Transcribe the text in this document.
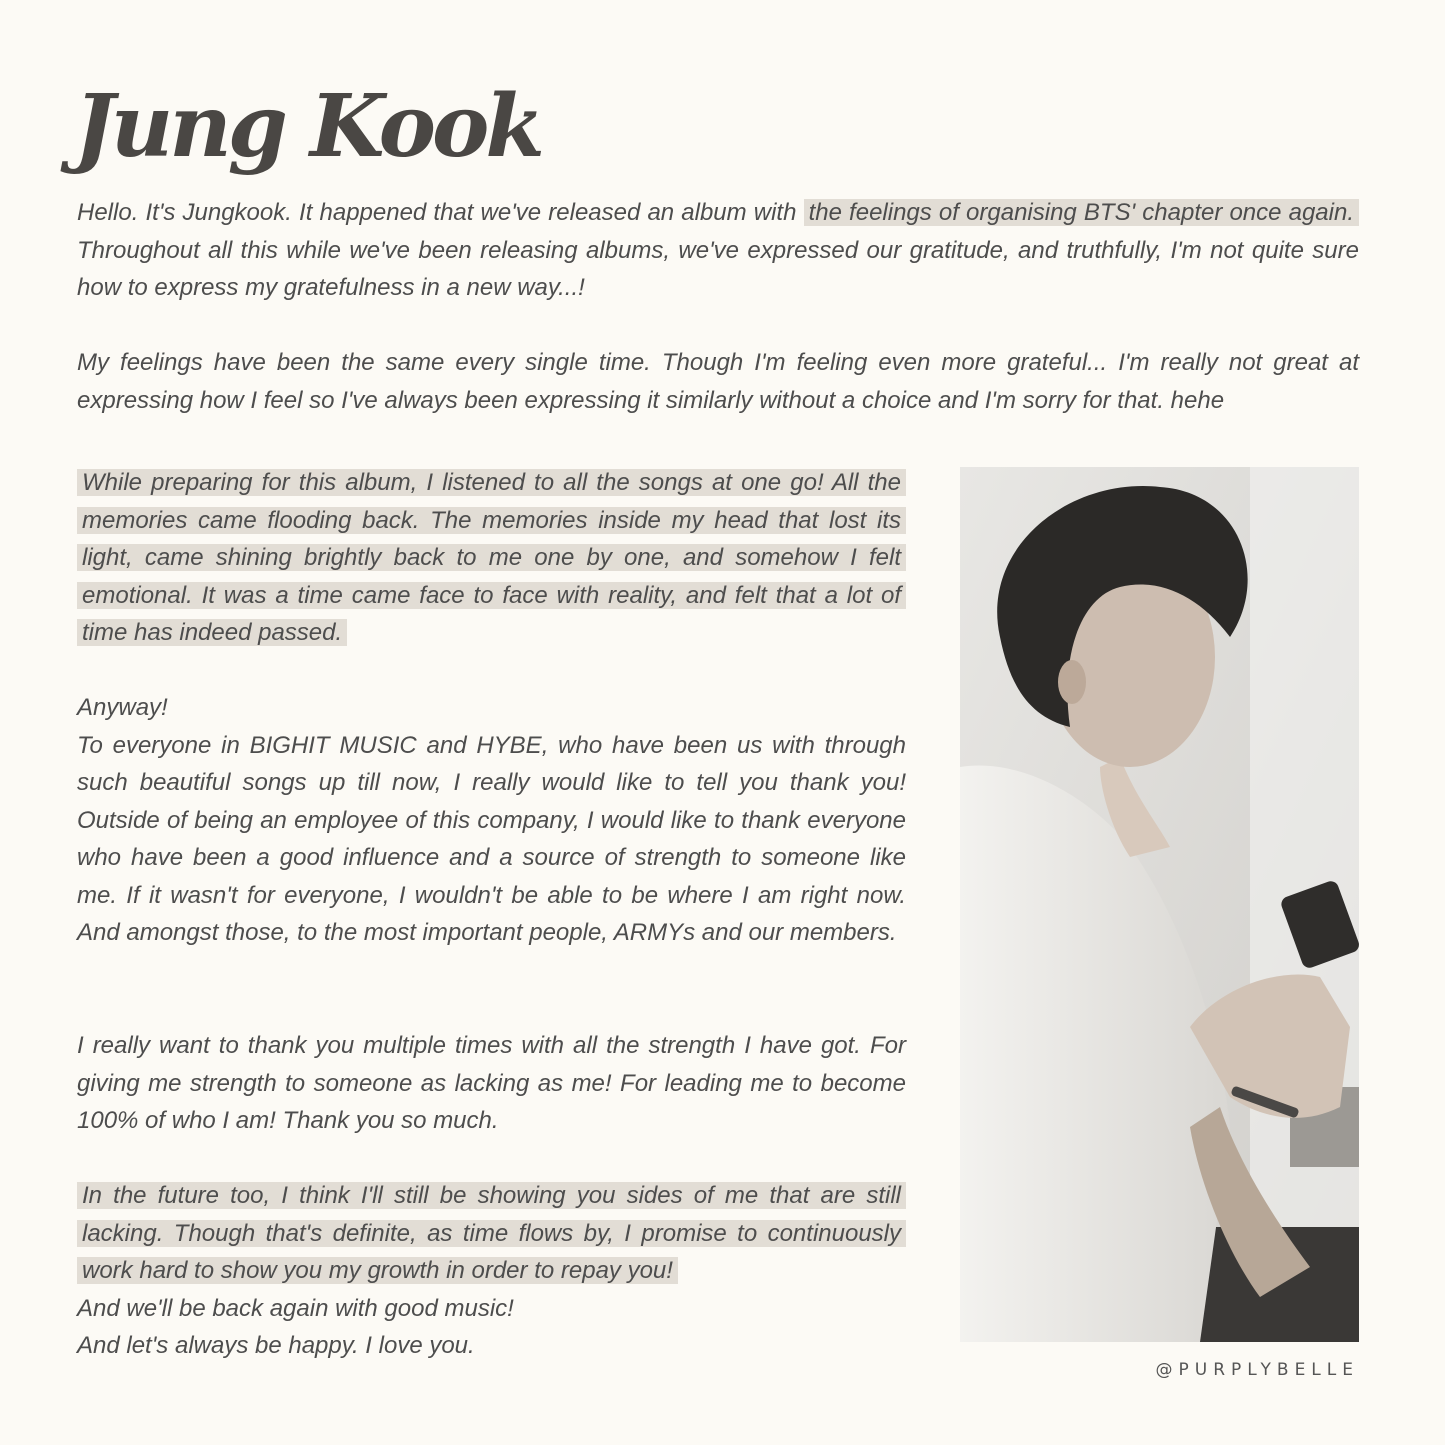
Jung Kook

Hello. It's Jungkook. It happened that we've released an album with the feelings of organising BTS' chapter once again. Throughout all this while we've been releasing albums, we've expressed our gratitude, and truthfully, I'm not quite sure how to express my gratefulness in a new way...!

My feelings have been the same every single time. Though I'm feeling even more grateful... I'm really not great at expressing how I feel so I've always been expressing it similarly without a choice and I'm sorry for that. hehe

While preparing for this album, I listened to all the songs at one go! All the memories came flooding back. The memories inside my head that lost its light, came shining brightly back to me one by one, and somehow I felt emotional. It was a time came face to face with reality, and felt that a lot of time has indeed passed.

Anyway!
To everyone in BIGHIT MUSIC and HYBE, who have been us with through such beautiful songs up till now, I really would like to tell you thank you! Outside of being an employee of this company, I would like to thank everyone who have been a good influence and a source of strength to someone like me. If it wasn't for everyone, I wouldn't be able to be where I am right now. And amongst those, to the most important people, ARMYs and our members.

I really want to thank you multiple times with all the strength I have got. For giving me strength to someone as lacking as me! For leading me to become 100% of who I am! Thank you so much.

In the future too, I think I'll still be showing you sides of me that are still lacking. Though that's definite, as time flows by, I promise to continuously work hard to show you my growth in order to repay you!
And we'll be back again with good music!
And let's always be happy. I love you.

@PURPLYBELLE
